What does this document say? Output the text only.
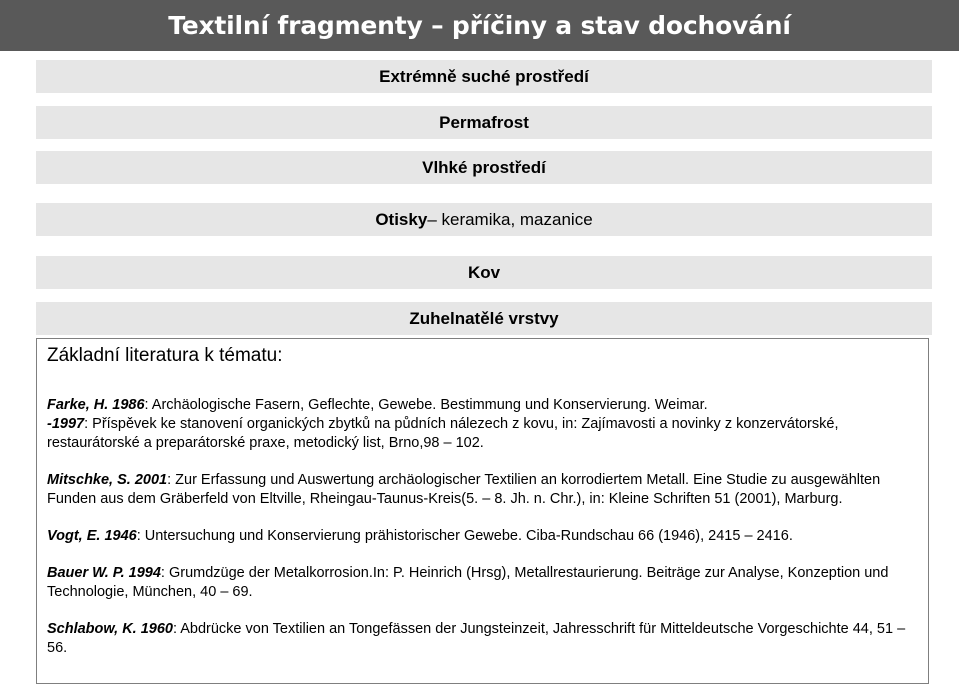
Textilní fragmenty – příčiny a stav dochování
Extrémně suché prostředí
Permafrost
Vlhké prostředí
Otisky – keramika, mazanice
Kov
Zuhelnatělé vrstvy
Základní literatura k tématu:
Farke, H. 1986: Archäologische Fasern, Geflechte, Gewebe. Bestimmung und Konservierung. Weimar.
-1997: Příspěvek ke stanovení organických zbytků na půdních nálezech z kovu, in: Zajímavosti a novinky z konzervátorské, restaurátorské a preparátorské praxe, metodický list, Brno,98 – 102.
Mitschke, S. 2001: Zur Erfassung und Auswertung archäologischer Textilien an korrodiertem Metall. Eine Studie zu ausgewählten Funden aus dem Gräberfeld von Eltville, Rheingau-Taunus-Kreis(5. – 8. Jh. n. Chr.), in: Kleine Schriften 51 (2001), Marburg.
Vogt, E. 1946: Untersuchung und Konservierung prähistorischer Gewebe. Ciba-Rundschau 66 (1946), 2415 – 2416.
Bauer W. P. 1994: Grumdzüge der Metalkorrosion.In: P. Heinrich (Hrsg), Metallrestaurierung. Beiträge zur Analyse, Konzeption und Technologie, München, 40 – 69.
Schlabow, K. 1960: Abdrücke von Textilien an Tongefässen der Jungsteinzeit, Jahresschrift für Mitteldeutsche Vorgeschichte 44, 51 – 56.
